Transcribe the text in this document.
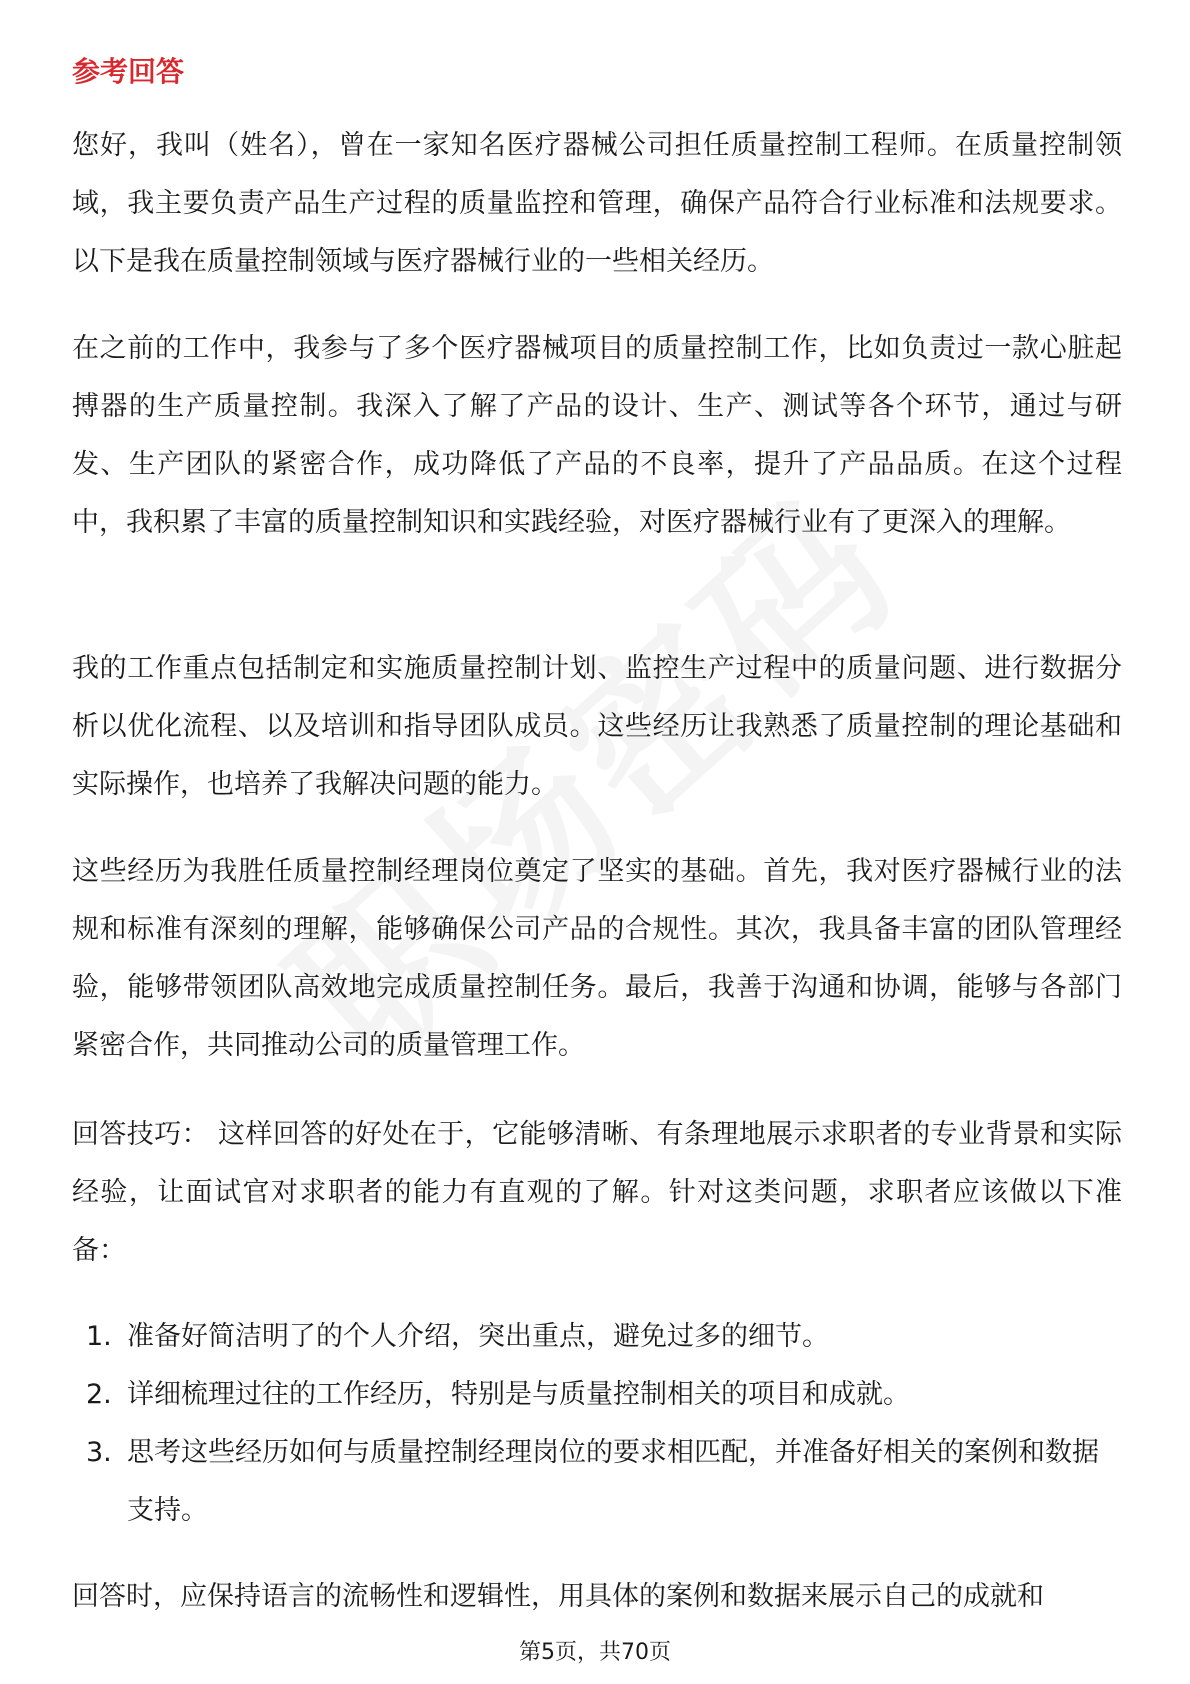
参考回答
您好，我叫（姓名），曾在一家知名医疗器械公司担任质量控制工程师。在质量控制领域，我主要负责产品生产过程的质量监控和管理，确保产品符合行业标准和法规要求。以下是我在质量控制领域与医疗器械行业的一些相关经历。
在之前的工作中，我参与了多个医疗器械项目的质量控制工作，比如负责过一款心脏起搏器的生产质量控制。我深入了解了产品的设计、生产、测试等各个环节，通过与研发、生产团队的紧密合作，成功降低了产品的不良率，提升了产品品质。在这个过程中，我积累了丰富的质量控制知识和实践经验，对医疗器械行业有了更深入的理解。
我的工作重点包括制定和实施质量控制计划、监控生产过程中的质量问题、进行数据分析以优化流程、以及培训和指导团队成员。这些经历让我熟悉了质量控制的理论基础和实际操作，也培养了我解决问题的能力。
这些经历为我胜任质量控制经理岗位奠定了坚实的基础。首先，我对医疗器械行业的法规和标准有深刻的理解，能够确保公司产品的合规性。其次，我具备丰富的团队管理经验，能够带领团队高效地完成质量控制任务。最后，我善于沟通和协调，能够与各部门紧密合作，共同推动公司的质量管理工作。
回答技巧： 这样回答的好处在于，它能够清晰、有条理地展示求职者的专业背景和实际经验，让面试官对求职者的能力有直观的了解。针对这类问题，求职者应该做以下准备：
1. 准备好简洁明了的个人介绍，突出重点，避免过多的细节。
2. 详细梳理过往的工作经历，特别是与质量控制相关的项目和成就。
3. 思考这些经历如何与质量控制经理岗位的要求相匹配，并准备好相关的案例和数据支持。
回答时，应保持语言的流畅性和逻辑性，用具体的案例和数据来展示自己的成就和
第5页，共70页
